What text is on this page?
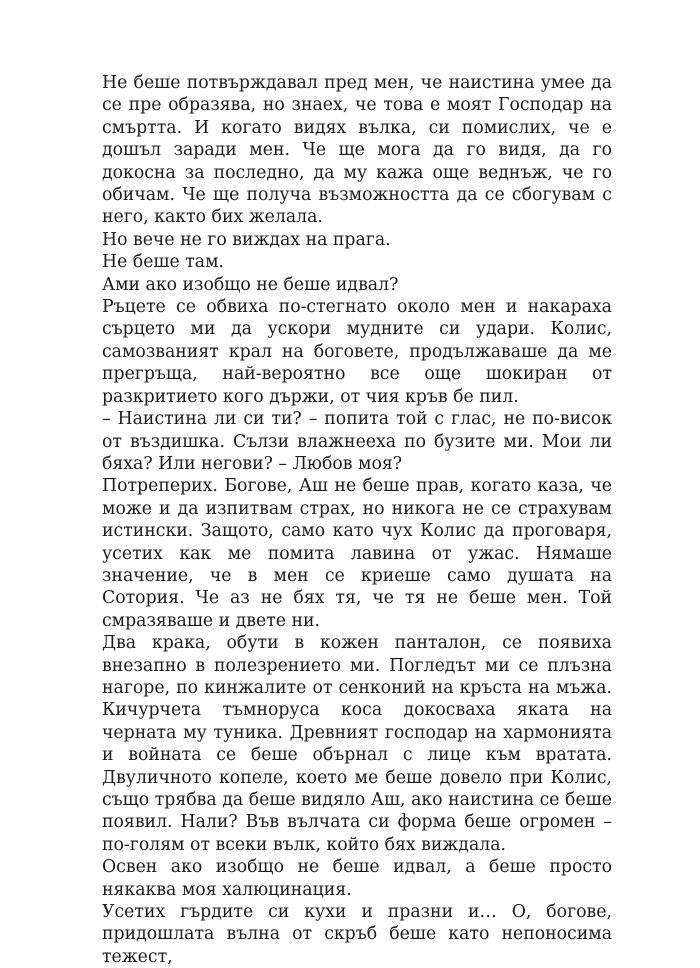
Не беше потвърждавал пред мен, че наистина умее да се пре образява, но знаех, че това е моят Господар на смъртта. И когато видях вълка, си помислих, че е дошъл заради мен. Че ще мога да го видя, да го докосна за последно, да му кажа още веднъж, че го обичам. Че ще получа възможността да се сбогувам с него, както бих желала.

Но вече не го виждах на прага.

Не беше там.

Ами ако изобщо не беше идвал?

Ръцете се обвиха по-стегнато около мен и накараха сърцето ми да ускори мудните си удари. Колис, самозваният крал на боговете, продължаваше да ме прегръща, най-вероятно все още шокиран от разкритието кого държи, от чия кръв бе пил.

– Наистина ли си ти? – попита той с глас, не по-висок от въздишка. Сълзи влажнееха по бузите ми. Мои ли бяха? Или негови? – Любов моя?

Потреперих. Богове, Аш не беше прав, когато каза, че може и да изпитвам страх, но никога не се страхувам истински. Защото, само като чух Колис да проговаря, усетих как ме помита лавина от ужас. Нямаше значение, че в мен се криеше само душата на Сотория. Че аз не бях тя, че тя не беше мен. Той смразяваше и двете ни.

Два крака, обути в кожен панталон, се появиха внезапно в полезрението ми. Погледът ми се плъзна нагоре, по кинжалите от сенконий на кръста на мъжа. Кичурчета тъмноруса коса докосваха яката на черната му туника. Древният господар на хармонията и войната се беше обърнал с лице към вратата. Двуличното копеле, което ме беше довело при Колис, също трябва да беше видяло Аш, ако наистина се беше появил. Нали? Във вълчата си форма беше огромен – по-голям от всеки вълк, който бях виждала.

Освен ако изобщо не беше идвал, а беше просто някаква моя халюцинация.

Усетих гърдите си кухи и празни и… О, богове, придошлата вълна от скръб беше като непоносима тежест,
